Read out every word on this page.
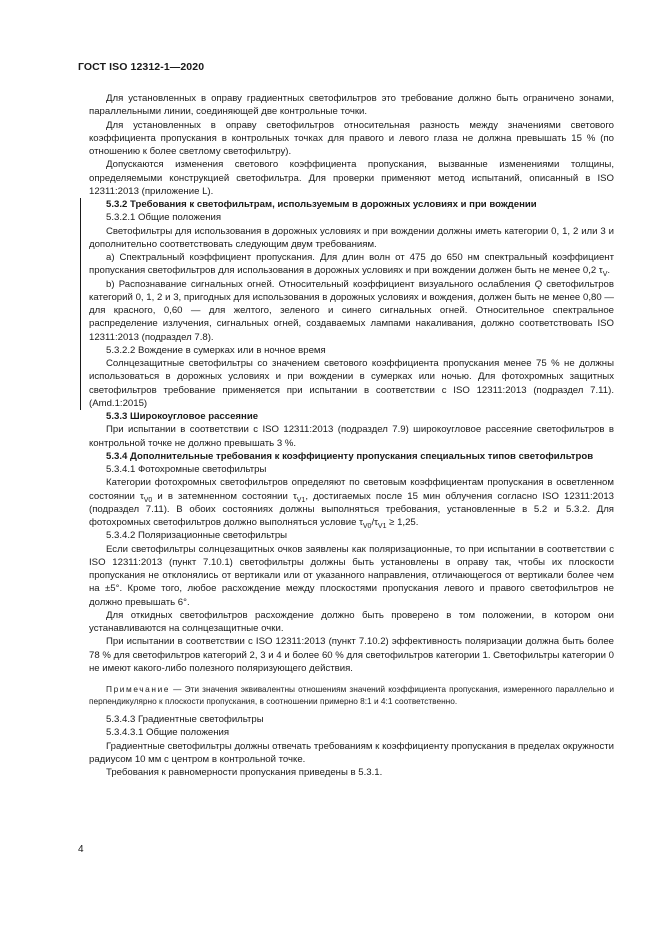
ГОСТ ISO 12312-1—2020

Для установленных в оправу градиентных светофильтров это требование должно быть ограничено зонами, параллельными линии, соединяющей две контрольные точки.

Для установленных в оправу светофильтров относительная разность между значениями светового коэффициента пропускания в контрольных точках для правого и левого глаза не должна превышать 15 % (по отношению к более светлому светофильтру).

Допускаются изменения светового коэффициента пропускания, вызванные изменениями толщины, определяемыми конструкцией светофильтра. Для проверки применяют метод испытаний, описанный в ISO 12311:2013 (приложение L).

5.3.2 Требования к светофильтрам, используемым в дорожных условиях и при вождении

5.3.2.1 Общие положения

Светофильтры для использования в дорожных условиях и при вождении должны иметь категории 0, 1, 2 или 3 и дополнительно соответствовать следующим двум требованиям.

a) Спектральный коэффициент пропускания. Для длин волн от 475 до 650 нм спектральный коэффициент пропускания светофильтров для использования в дорожных условиях и при вождении должен быть не менее 0,2 $\tau_V$.

b) Распознавание сигнальных огней. Относительный коэффициент визуального ослабления Q светофильтров категорий 0, 1, 2 и 3, пригодных для использования в дорожных условиях и вождения, должен быть не менее 0,80 — для красного, 0,60 — для желтого, зеленого и синего сигнальных огней. Относительное спектральное распределение излучения, сигнальных огней, создаваемых лампами накаливания, должно соответствовать ISO 12311:2013 (подраздел 7.8).

5.3.2.2 Вождение в сумерках или в ночное время

Солнцезащитные светофильтры со значением светового коэффициента пропускания менее 75 % не должны использоваться в дорожных условиях и при вождении в сумерках или ночью. Для фотохромных защитных светофильтров требование применяется при испытании в соответствии с ISO 12311:2013 (подраздел 7.11). (Amd.1:2015)

5.3.3 Широкоугловое рассеяние

При испытании в соответствии с ISO 12311:2013 (подраздел 7.9) широкоугловое рассеяние светофильтров в контрольной точке не должно превышать 3 %.

5.3.4 Дополнительные требования к коэффициенту пропускания специальных типов светофильтров

5.3.4.1 Фотохромные светофильтры

Категории фотохромных светофильтров определяют по световым коэффициентам пропускания в осветленном состоянии $\tau_{V0}$ и в затемненном состоянии $\tau_{V1}$, достигаемых после 15 мин облучения согласно ISO 12311:2013 (подраздел 7.11). В обоих состояниях должны выполняться требования, установленные в 5.2 и 5.3.2. Для фотохромных светофильтров должно выполняться условие $\tau_{V0}/\tau_{V1} \ge 1,25$.

5.3.4.2 Поляризационные светофильтры

Если светофильтры солнцезащитных очков заявлены как поляризационные, то при испытании в соответствии с ISO 12311:2013 (пункт 7.10.1) светофильтры должны быть установлены в оправу так, чтобы их плоскости пропускания не отклонялись от вертикали или от указанного направления, отличающегося от вертикали более чем на ±5°. Кроме того, любое расхождение между плоскостями пропускания левого и правого светофильтров не должно превышать 6°.

Для откидных светофильтров расхождение должно быть проверено в том положении, в котором они устанавливаются на солнцезащитные очки.

При испытании в соответствии с ISO 12311:2013 (пункт 7.10.2) эффективность поляризации должна быть более 78 % для светофильтров категорий 2, 3 и 4 и более 60 % для светофильтров категории 1. Светофильтры категории 0 не имеют какого-либо полезного поляризующего действия.

Примечание — Эти значения эквивалентны отношениям значений коэффициента пропускания, измеренного параллельно и перпендикулярно к плоскости пропускания, в соотношении примерно 8:1 и 4:1 соответственно.

5.3.4.3 Градиентные светофильтры

5.3.4.3.1 Общие положения

Градиентные светофильтры должны отвечать требованиям к коэффициенту пропускания в пределах окружности радиусом 10 мм с центром в контрольной точке.

Требования к равномерности пропускания приведены в 5.3.1.

4
